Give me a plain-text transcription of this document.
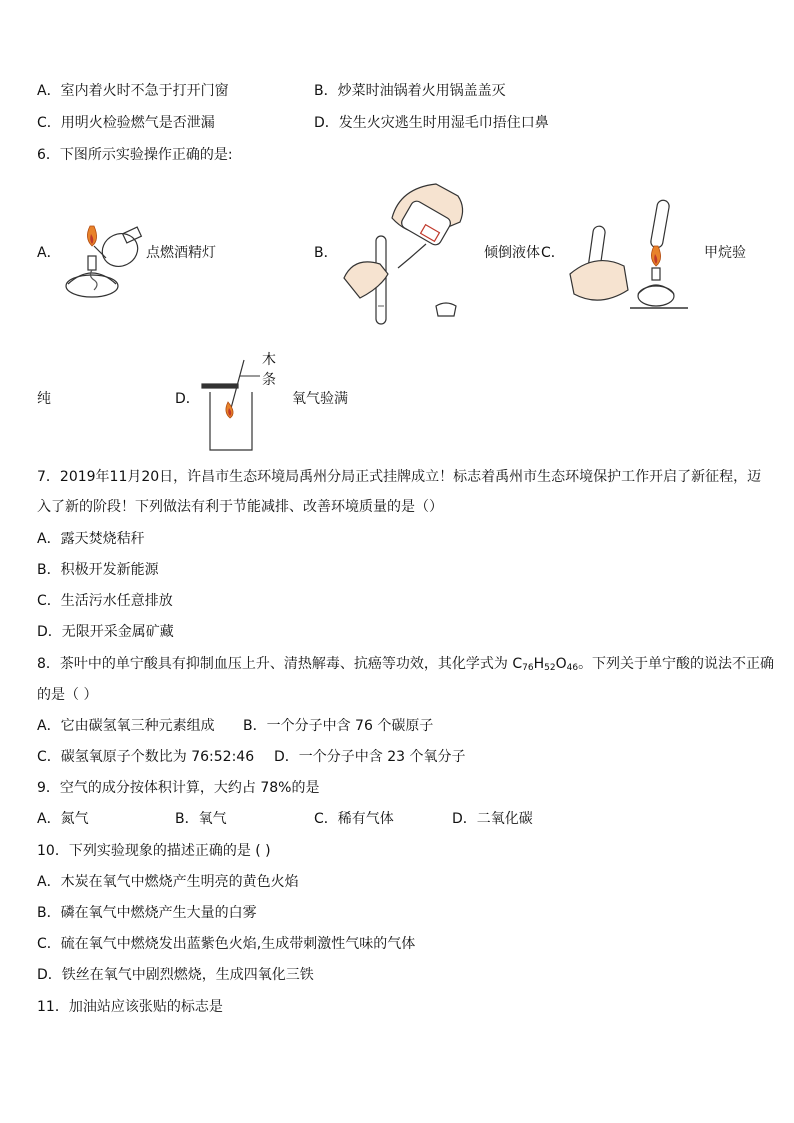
A．室内着火时不急于打开门窗	B．炒菜时油锅着火用锅盖盖灭
C．用明火检验燃气是否泄漏	D．发生火灾逃生时用湿毛巾捂住口鼻
6．下图所示实验操作正确的是:
A．	点燃酒精灯	B．	倾倒液体 C．	甲烷验
纯	D．
木
条
氧气验满
7．2019年11月20日，许昌市生态环境局禹州分局正式挂牌成立！标志着禹州市生态环境保护工作开启了新征程，迈
入了新的阶段！下列做法有利于节能减排、改善环境质量的是（）
A．露天焚烧秸秆
B．积极开发新能源
C．生活污水任意排放
D．无限开采金属矿藏
8．茶叶中的单宁酸具有抑制血压上升、清热解毒、抗癌等功效，其化学式为 $C_{76}H_{52}O_{46}$。下列关于单宁酸的说法不正确
的是（ ）
A．它由碳氢氧三种元素组成 B．一个分子中含 76 个碳原子
C．碳氢氧原子个数比为 76:52:46 D．一个分子中含 23 个氧分子
9．空气的成分按体积计算，大约占 78%的是
A．氮气	B．氧气	C．稀有气体	D．二氧化碳
10．下列实验现象的描述正确的是 ( )
A．木炭在氧气中燃烧产生明亮的黄色火焰
B．磷在氧气中燃烧产生大量的白雾
C．硫在氧气中燃烧发出蓝紫色火焰,生成带刺激性气味的气体
D．铁丝在氧气中剧烈燃烧，生成四氧化三铁
11．加油站应该张贴的标志是
